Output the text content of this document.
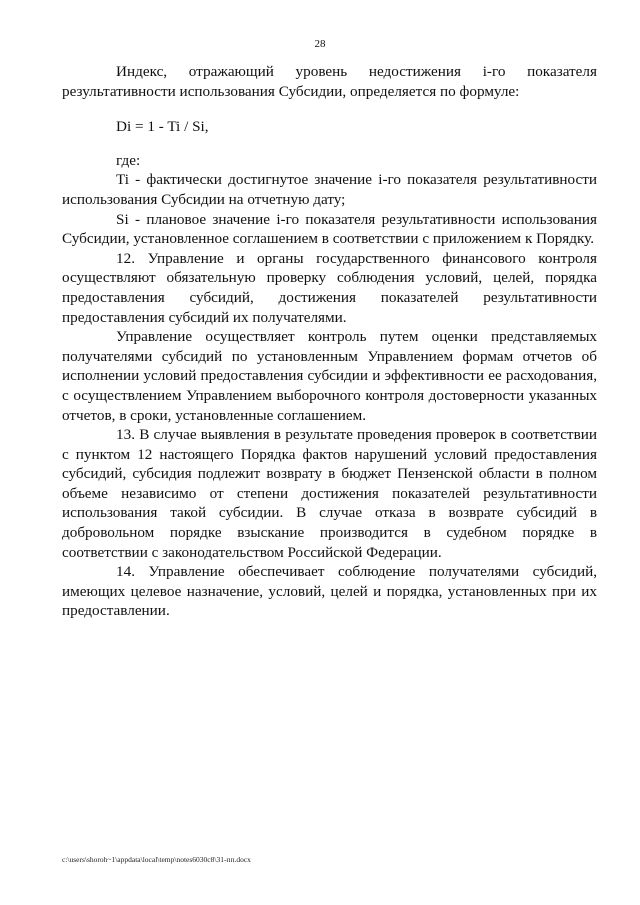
28

Индекс, отражающий уровень недостижения i-го показателя результативности использования Субсидии, определяется по формуле:

Di = 1 - Ti / Si,

где:

Ti - фактически достигнутое значение i-го показателя результативности использования Субсидии на отчетную дату;

Si - плановое значение i-го показателя результативности использования Субсидии, установленное соглашением в соответствии с приложением к Порядку.

12. Управление и органы государственного финансового контроля осуществляют обязательную проверку соблюдения условий, целей, порядка предоставления субсидий, достижения показателей результативности предоставления субсидий их получателями.

Управление осуществляет контроль путем оценки представляемых получателями субсидий по установленным Управлением формам отчетов об исполнении условий предоставления субсидии и эффективности ее расходования, с осуществлением Управлением выборочного контроля достоверности указанных отчетов, в сроки, установленные соглашением.

13. В случае выявления в результате проведения проверок в соответствии с пунктом 12 настоящего Порядка фактов нарушений условий предоставления субсидий, субсидия подлежит возврату в бюджет Пензенской области в полном объеме независимо от степени достижения показателей результативности использования такой субсидии. В случае отказа в возврате субсидий в добровольном порядке взыскание производится в судебном порядке в соответствии с законодательством Российской Федерации.

14. Управление обеспечивает соблюдение получателями субсидий, имеющих целевое назначение, условий, целей и порядка, установленных при их предоставлении.

c:\users\shoroh~1\appdata\local\temp\notes6030c8\31-пп.docx
